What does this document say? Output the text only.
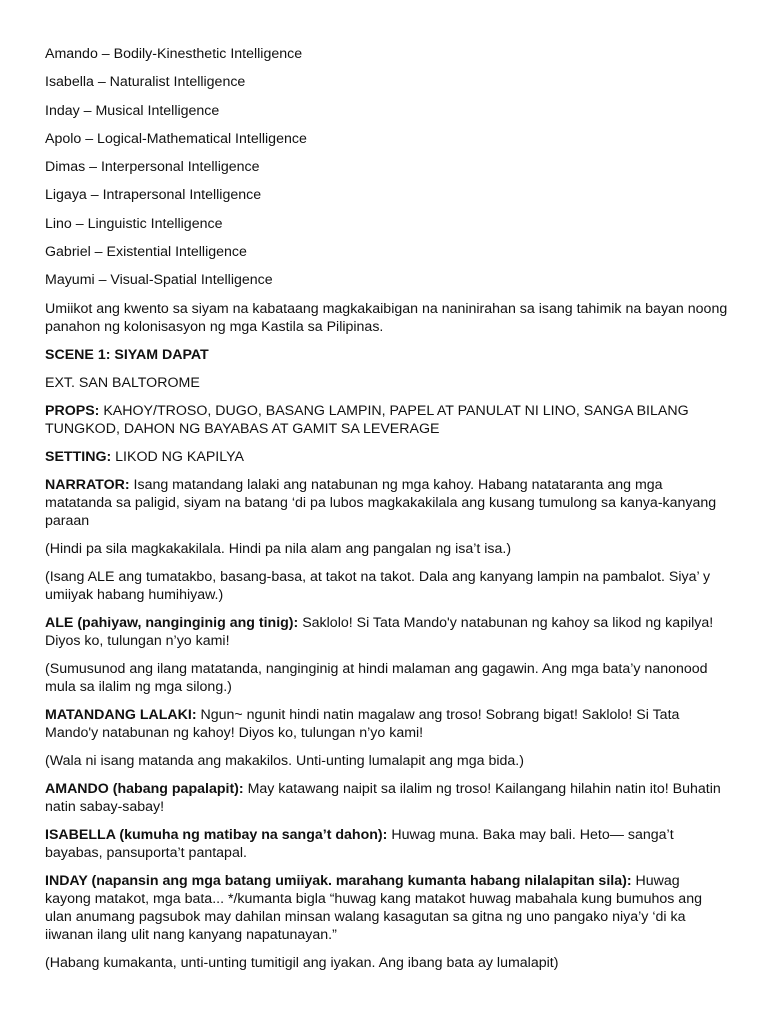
Amando – Bodily-Kinesthetic Intelligence

Isabella – Naturalist Intelligence

Inday – Musical Intelligence

Apolo – Logical-Mathematical Intelligence

Dimas – Interpersonal Intelligence

Ligaya – Intrapersonal Intelligence

Lino – Linguistic Intelligence

Gabriel – Existential Intelligence

Mayumi – Visual-Spatial Intelligence

Umiikot ang kwento sa siyam na kabataang magkakaibigan na naninirahan sa isang tahimik na bayan noong panahon ng kolonisasyon ng mga Kastila sa Pilipinas.

SCENE 1: SIYAM DAPAT

EXT. SAN BALTOROME

PROPS: KAHOY/TROSO, DUGO, BASANG LAMPIN, PAPEL AT PANULAT NI LINO, SANGA BILANG TUNGKOD, DAHON NG BAYABAS AT GAMIT SA LEVERAGE

SETTING: LIKOD NG KAPILYA

NARRATOR: Isang matandang lalaki ang natabunan ng mga kahoy. Habang natataranta ang mga matatanda sa paligid, siyam na batang ‘di pa lubos magkakakilala ang kusang tumulong sa kanya-kanyang paraan

(Hindi pa sila magkakakilala. Hindi pa nila alam ang pangalan ng isa’t isa.)

(Isang ALE ang tumatakbo, basang-basa, at takot na takot. Dala ang kanyang lampin na pambalot. Siya’ y umiiyak habang humihiyaw.)

ALE (pahiyaw, nanginginig ang tinig): Saklolo! Si Tata Mando'y natabunan ng kahoy sa likod ng kapilya! Diyos ko, tulungan n’yo kami!

(Sumusunod ang ilang matatanda, nanginginig at hindi malaman ang gagawin. Ang mga bata’y nanonood mula sa ilalim ng mga silong.)

MATANDANG LALAKI: Ngun~ ngunit hindi natin magalaw ang troso! Sobrang bigat! Saklolo! Si Tata Mando'y natabunan ng kahoy! Diyos ko, tulungan n’yo kami!

(Wala ni isang matanda ang makakilos. Unti-unting lumalapit ang mga bida.)

AMANDO (habang papalapit): May katawang naipit sa ilalim ng troso! Kailangang hilahin natin ito! Buhatin natin sabay-sabay!

ISABELLA (kumuha ng matibay na sanga’t dahon): Huwag muna. Baka may bali. Heto— sanga’t bayabas, pansuporta’t pantapal.

INDAY (napansin ang mga batang umiiyak. marahang kumanta habang nilalapitan sila): Huwag kayong matakot, mga bata... */kumanta bigla “huwag kang matakot huwag mabahala kung bumuhos ang ulan anumang pagsubok may dahilan minsan walang kasagutan sa gitna ng uno pangako niya’y ‘di ka iiwanan ilang ulit nang kanyang napatunayan.”

(Habang kumakanta, unti-unting tumitigil ang iyakan. Ang ibang bata ay lumalapit)
